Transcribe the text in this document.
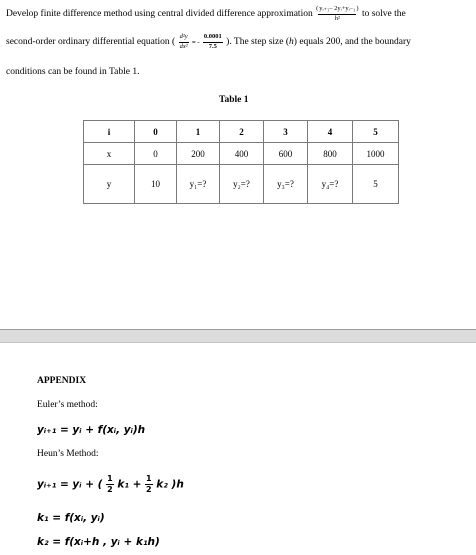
Develop finite difference method using central divided difference approximation (yᵢ₊₁– 2yᵢ+yᵢ₋₁)

h²	to solve the
second-order ordinary differential equation ( $\frac{\text{d²y}}{\text{dx²}}$ = - $\frac{0.0001}{7.5}$ ). The step size (h) equals 200, and the boundary
conditions can be found in Table 1.
Table 1
i	0	1	2	3	4	5
x	0	200	400	600	800	1000
y	10	y₁=?	y₂=?	y₃=?	y₄=?	5
APPENDIX
Euler’s method:
yᵢ₊₁ = yᵢ + f(xᵢ, yᵢ)h
Heun’s Method:
yᵢ₊₁ = yᵢ + ( $\frac{1}{2} k_1 + \frac{1}{2} k_2$ )h
k₁ = f(xᵢ, yᵢ)
k₂ = f(xᵢ+h , yᵢ + k₁h)
